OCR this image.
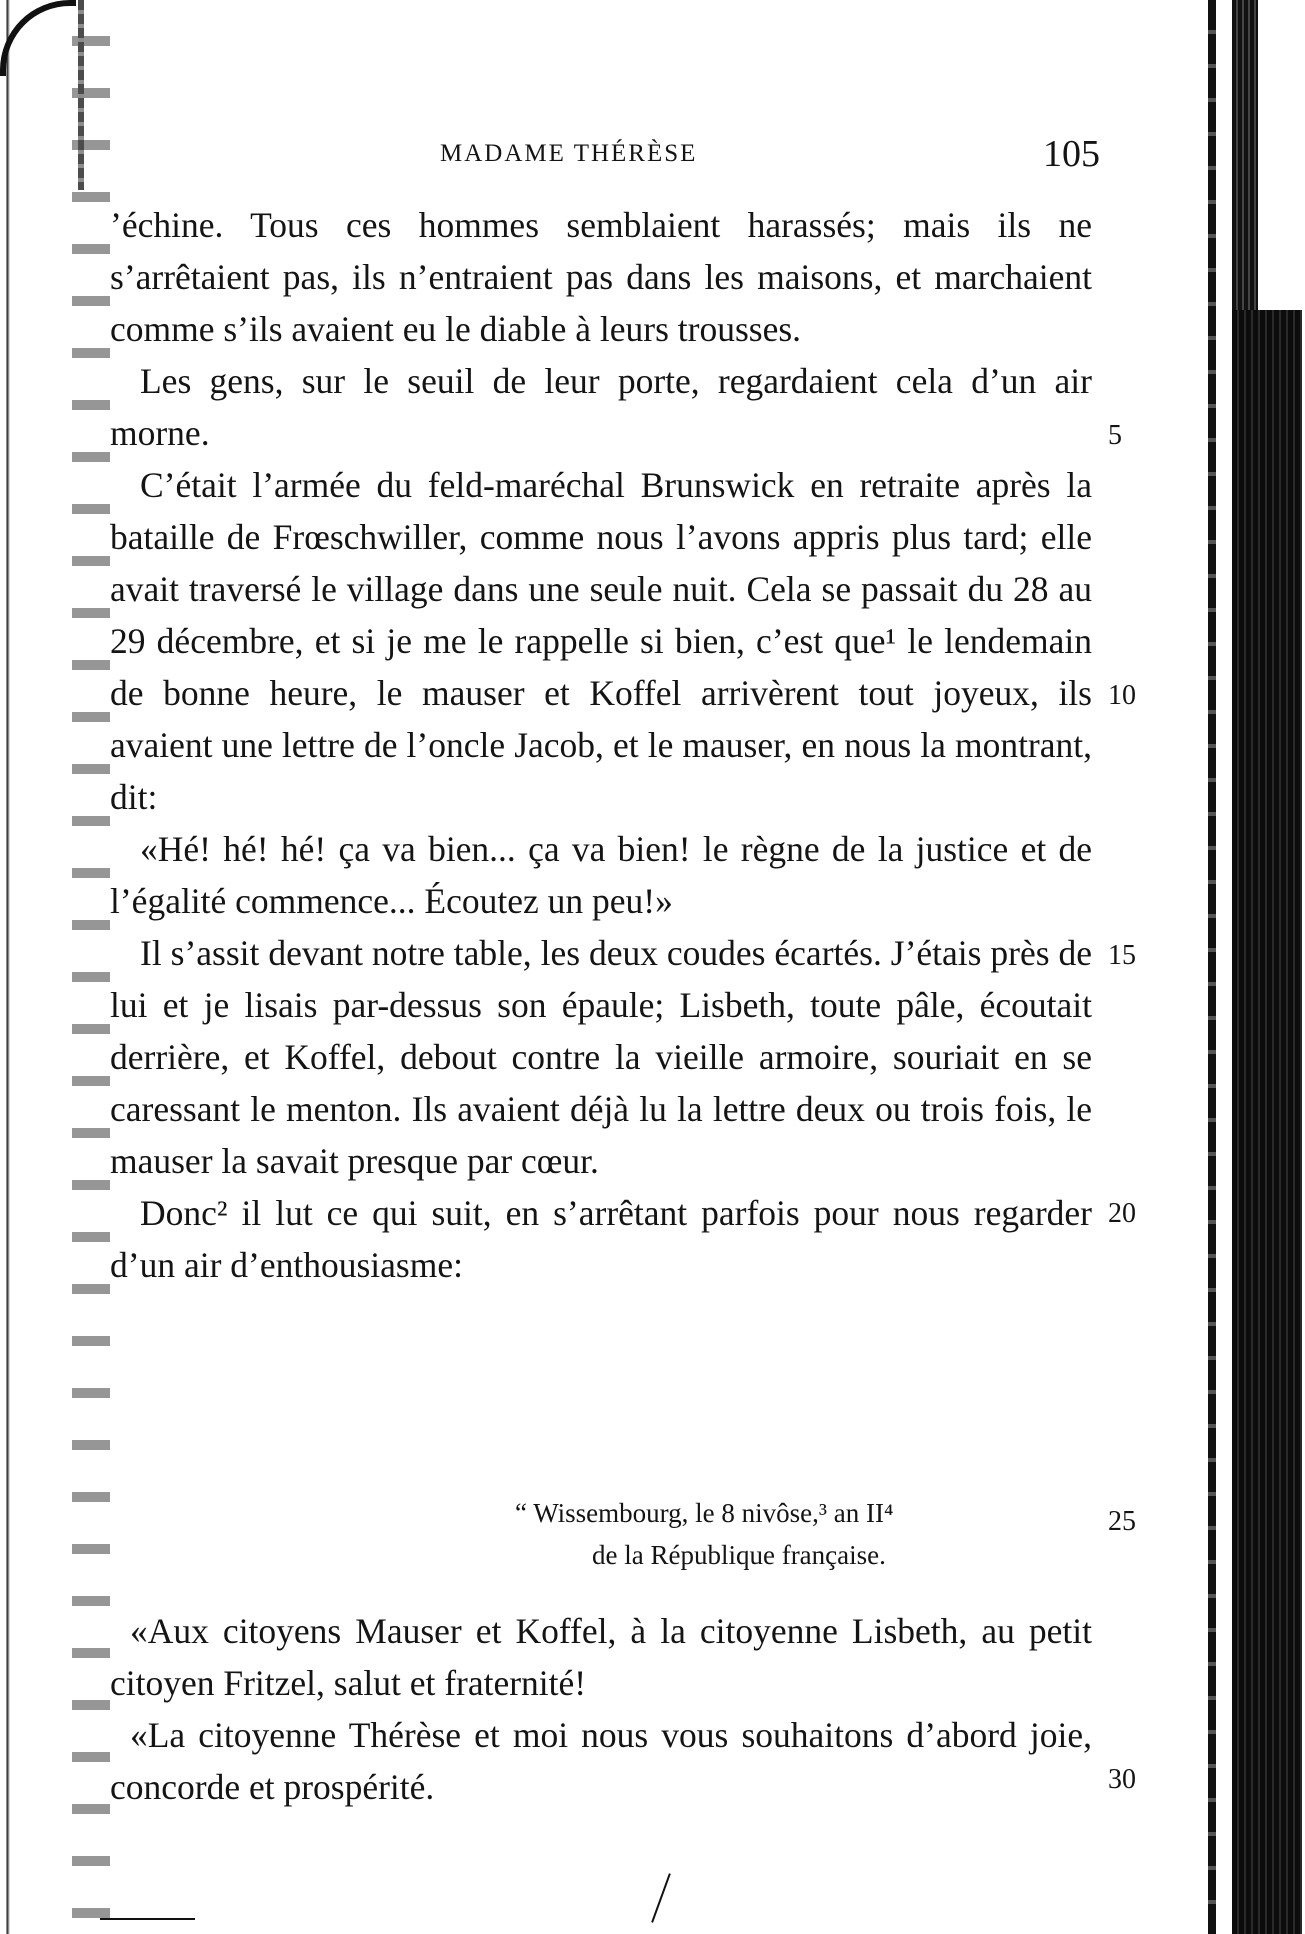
MADAME THÉRÈSE	105

’échine. Tous ces hommes semblaient harassés; mais ils ne s’arrêtaient pas, ils n’entraient pas dans les maisons, et marchaient comme s’ils avaient eu le diable à leurs trousses.

Les gens, sur le seuil de leur porte, regardaient cela d’un air morne.

C’était l’armée du feld-maréchal Brunswick en retraite après la bataille de Frœschwiller, comme nous l’avons appris plus tard; elle avait traversé le village dans une seule nuit. Cela se passait du 28 au 29 décembre, et si je me le rappelle si bien, c’est que¹ le lendemain de bonne heure, le mauser et Koffel arrivèrent tout joyeux, ils avaient une lettre de l’oncle Jacob, et le mauser, en nous la montrant, dit:

«Hé! hé! hé! ça va bien... ça va bien! le règne de la justice et de l’égalité commence... Écoutez un peu!»

Il s’assit devant notre table, les deux coudes écartés. J’étais près de lui et je lisais par-dessus son épaule; Lisbeth, toute pâle, écoutait derrière, et Koffel, debout contre la vieille armoire, souriait en se caressant le menton. Ils avaient déjà lu la lettre deux ou trois fois, le mauser la savait presque par cœur.

Donc² il lut ce qui suit, en s’arrêtant parfois pour nous regarder d’un air d’enthousiasme:

“ Wissembourg, le 8 nivôse,³ an II⁴
de la République française.

«Aux citoyens Mauser et Koffel, à la citoyenne Lisbeth, au petit citoyen Fritzel, salut et fraternité!

«La citoyenne Thérèse et moi nous vous souhaitons d’abord joie, concorde et prospérité.

5
10
15
20
25
30
